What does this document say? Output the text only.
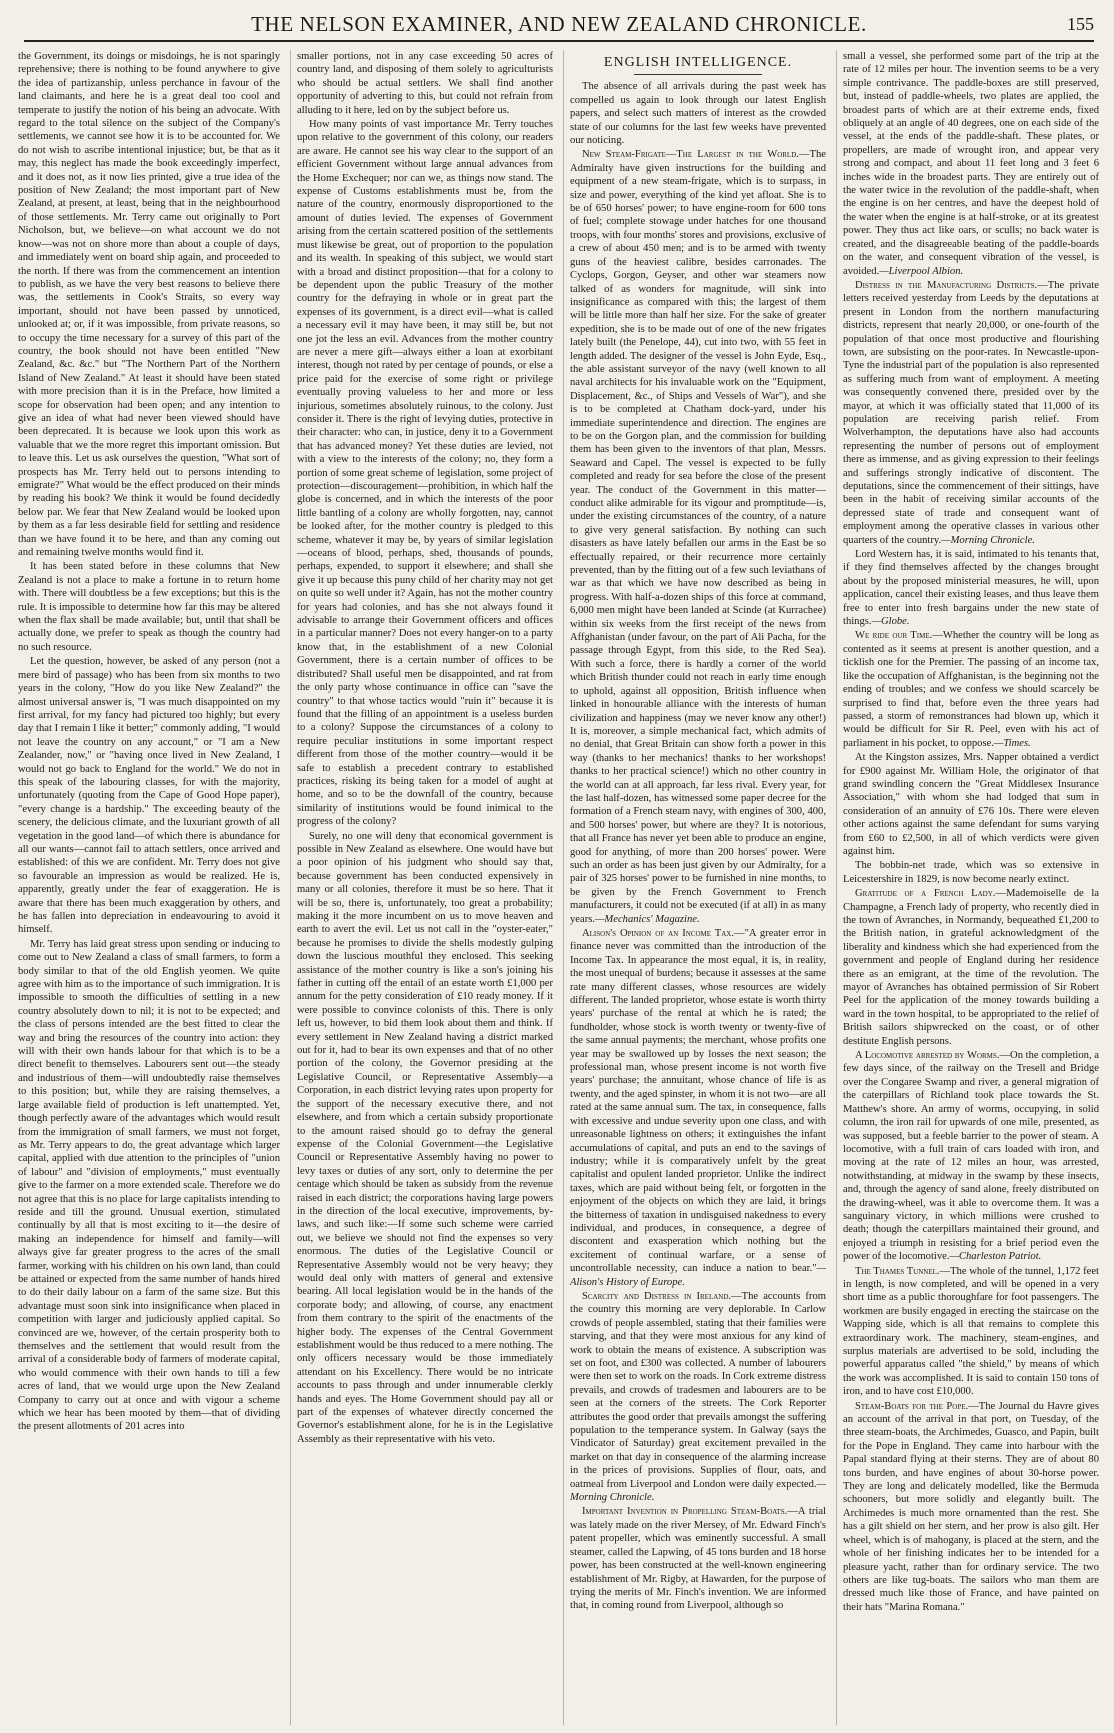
THE NELSON EXAMINER, AND NEW ZEALAND CHRONICLE.	155

the Government, its doings or misdoings, he is not sparingly reprehensive; there is nothing to be found anywhere to give the idea of partizanship, unless perchance in favour of the land claimants, and here he is a great deal too cool and temperate to justify the notion of his being an advocate. With regard to the total silence on the subject of the Company's settlements, we cannot see how it is to be accounted for. We do not wish to ascribe intentional injustice; but, be that as it may, this neglect has made the book exceedingly imperfect, and it does not, as it now lies printed, give a true idea of the position of New Zealand; the most important part of New Zealand, at present, at least, being that in the neighbourhood of those settlements. Mr. Terry came out originally to Port Nicholson, but, we believe—on what account we do not know—was not on shore more than about a couple of days, and immediately went on board ship again, and proceeded to the north. If there was from the commencement an intention to publish, as we have the very best reasons to believe there was, the settlements in Cook's Straits, so every way important, should not have been passed by unnoticed, unlooked at; or, if it was impossible, from private reasons, so to occupy the time necessary for a survey of this part of the country, the book should not have been entitled "New Zealand, &c. &c." but "The Northern Part of the Northern Island of New Zealand." At least it should have been stated with more precision than it is in the Preface, how limited a scope for observation had been open; and any intention to give an idea of what had never been viewed should have been deprecated. It is because we look upon this work as valuable that we the more regret this important omission. But to leave this. Let us ask ourselves the question, "What sort of prospects has Mr. Terry held out to persons intending to emigrate?" What would be the effect produced on their minds by reading his book? We think it would be found decidedly below par. We fear that New Zealand would be looked upon by them as a far less desirable field for settling and residence than we have found it to be here, and than any coming out and remaining twelve months would find it.

It has been stated before in these columns that New Zealand is not a place to make a fortune in to return home with. There will doubtless be a few exceptions; but this is the rule. It is impossible to determine how far this may be altered when the flax shall be made available; but, until that shall be actually done, we prefer to speak as though the country had no such resource.

Let the question, however, be asked of any person (not a mere bird of passage) who has been from six months to two years in the colony, "How do you like New Zealand?" the almost universal answer is, "I was much disappointed on my first arrival, for my fancy had pictured too highly; but every day that I remain I like it better;" commonly adding, "I would not leave the country on any account," or "I am a New Zealander, now," or "having once lived in New Zealand, I would not go back to England for the world." We do not in this speak of the labouring classes, for with the majority, unfortunately (quoting from the Cape of Good Hope paper), "every change is a hardship." The exceeding beauty of the scenery, the delicious climate, and the luxuriant growth of all vegetation in the good land—of which there is abundance for all our wants—cannot fail to attach settlers, once arrived and established: of this we are confident. Mr. Terry does not give so favourable an impression as would be realized. He is, apparently, greatly under the fear of exaggeration. He is aware that there has been much exaggeration by others, and he has fallen into depreciation in endeavouring to avoid it himself.

Mr. Terry has laid great stress upon sending or inducing to come out to New Zealand a class of small farmers, to form a body similar to that of the old English yeomen. We quite agree with him as to the importance of such immigration. It is impossible to smooth the difficulties of settling in a new country absolutely down to nil; it is not to be expected; and the class of persons intended are the best fitted to clear the way and bring the resources of the country into action: they will with their own hands labour for that which is to be a direct benefit to themselves. Labourers sent out—the steady and industrious of them—will undoubtedly raise themselves to this position; but, while they are raising themselves, a large available field of production is left unattempted. Yet, though perfectly aware of the advantages which would result from the immigration of small farmers, we must not forget, as Mr. Terry appears to do, the great advantage which larger capital, applied with due attention to the principles of "union of labour" and "division of employments," must eventually give to the farmer on a more extended scale. Therefore we do not agree that this is no place for large capitalists intending to reside and till the ground. Unusual exertion, stimulated continually by all that is most exciting to it—the desire of making an independence for himself and family—will always give far greater progress to the acres of the small farmer, working with his children on his own land, than could be attained or expected from the same number of hands hired to do their daily labour on a farm of the same size. But this advantage must soon sink into insignificance when placed in competition with larger and judiciously applied capital. So convinced are we, however, of the certain prosperity both to themselves and the settlement that would result from the arrival of a considerable body of farmers of moderate capital, who would commence with their own hands to till a few acres of land, that we would urge upon the New Zealand Company to carry out at once and with vigour a scheme which we hear has been mooted by them—that of dividing the present allotments of 201 acres into

smaller portions, not in any case exceeding 50 acres of country land, and disposing of them solely to agriculturists who should be actual settlers. We shall find another opportunity of adverting to this, but could not refrain from alluding to it here, led on by the subject before us.

How many points of vast importance Mr. Terry touches upon relative to the government of this colony, our readers are aware. He cannot see his way clear to the support of an efficient Government without large annual advances from the Home Exchequer; nor can we, as things now stand. The expense of Customs establishments must be, from the nature of the country, enormously disproportioned to the amount of duties levied. The expenses of Government arising from the certain scattered position of the settlements must likewise be great, out of proportion to the population and its wealth. In speaking of this subject, we would start with a broad and distinct proposition—that for a colony to be dependent upon the public Treasury of the mother country for the defraying in whole or in great part the expenses of its government, is a direct evil—what is called a necessary evil it may have been, it may still be, but not one jot the less an evil. Advances from the mother country are never a mere gift—always either a loan at exorbitant interest, though not rated by per centage of pounds, or else a price paid for the exercise of some right or privilege eventually proving valueless to her and more or less injurious, sometimes absolutely ruinous, to the colony. Just consider it. There is the right of levying duties, protective in their character: who can, in justice, deny it to a Government that has advanced money? Yet these duties are levied, not with a view to the interests of the colony; no, they form a portion of some great scheme of legislation, some project of protection—discouragement—prohibition, in which half the globe is concerned, and in which the interests of the poor little bantling of a colony are wholly forgotten, nay, cannot be looked after, for the mother country is pledged to this scheme, whatever it may be, by years of similar legislation—oceans of blood, perhaps, shed, thousands of pounds, perhaps, expended, to support it elsewhere; and shall she give it up because this puny child of her charity may not get on quite so well under it? Again, has not the mother country for years had colonies, and has she not always found it advisable to arrange their Government officers and offices in a particular manner? Does not every hanger-on to a party know that, in the establishment of a new Colonial Government, there is a certain number of offices to be distributed? Shall useful men be disappointed, and rat from the only party whose continuance in office can "save the country" to that whose tactics would "ruin it" because it is found that the filling of an appointment is a useless burden to a colony? Suppose the circumstances of a colony to require peculiar institutions in some important respect different from those of the mother country—would it be safe to establish a precedent contrary to established practices, risking its being taken for a model of aught at home, and so to be the downfall of the country, because similarity of institutions would be found inimical to the progress of the colony?

Surely, no one will deny that economical government is possible in New Zealand as elsewhere. One would have but a poor opinion of his judgment who should say that, because government has been conducted expensively in many or all colonies, therefore it must be so here. That it will be so, there is, unfortunately, too great a probability; making it the more incumbent on us to move heaven and earth to avert the evil. Let us not call in the "oyster-eater," because he promises to divide the shells modestly gulping down the luscious mouthful they enclosed. This seeking assistance of the mother country is like a son's joining his father in cutting off the entail of an estate worth £1,000 per annum for the petty consideration of £10 ready money. If it were possible to convince colonists of this. There is only left us, however, to bid them look about them and think. If every settlement in New Zealand having a district marked out for it, had to bear its own expenses and that of no other portion of the colony, the Governor presiding at the Legislative Council, or Representative Assembly—a Corporation, in each district levying rates upon property for the support of the necessary executive there, and not elsewhere, and from which a certain subsidy proportionate to the amount raised should go to defray the general expense of the Colonial Government—the Legislative Council or Representative Assembly having no power to levy taxes or duties of any sort, only to determine the per centage which should be taken as subsidy from the revenue raised in each district; the corporations having large powers in the direction of the local executive, improvements, by-laws, and such like:—If some such scheme were carried out, we believe we should not find the expenses so very enormous. The duties of the Legislative Council or Representative Assembly would not be very heavy; they would deal only with matters of general and extensive bearing. All local legislation would be in the hands of the corporate body; and allowing, of course, any enactment from them contrary to the spirit of the enactments of the higher body. The expenses of the Central Government establishment would be thus reduced to a mere nothing. The only officers necessary would be those immediately attendant on his Excellency. There would be no intricate accounts to pass through and under innumerable clerkly hands and eyes. The Home Government should pay all or part of the expenses of whatever directly concerned the Governor's establishment alone, for he is in the Legislative Assembly as their representative with his veto.

ENGLISH INTELLIGENCE.

The absence of all arrivals during the past week has compelled us again to look through our latest English papers, and select such matters of interest as the crowded state of our columns for the last few weeks have prevented our noticing.

New Steam-Frigate—The Largest in the World.—The Admiralty have given instructions for the building and equipment of a new steam-frigate, which is to surpass, in size and power, everything of the kind yet afloat. She is to be of 650 horses' power; to have engine-room for 600 tons of fuel; complete stowage under hatches for one thousand troops, with four months' stores and provisions, exclusive of a crew of about 450 men; and is to be armed with twenty guns of the heaviest calibre, besides carronades. The Cyclops, Gorgon, Geyser, and other war steamers now talked of as wonders for magnitude, will sink into insignificance as compared with this; the largest of them will be little more than half her size. For the sake of greater expedition, she is to be made out of one of the new frigates lately built (the Penelope, 44), cut into two, with 55 feet in length added. The designer of the vessel is John Eyde, Esq., the able assistant surveyor of the navy (well known to all naval architects for his invaluable work on the "Equipment, Displacement, &c., of Ships and Vessels of War"), and she is to be completed at Chatham dock-yard, under his immediate superintendence and direction. The engines are to be on the Gorgon plan, and the commission for building them has been given to the inventors of that plan, Messrs. Seaward and Capel. The vessel is expected to be fully completed and ready for sea before the close of the present year. The conduct of the Government in this matter—conduct alike admirable for its vigour and promptitude—is, under the existing circumstances of the country, of a nature to give very general satisfaction. By nothing can such disasters as have lately befallen our arms in the East be so effectually repaired, or their recurrence more certainly prevented, than by the fitting out of a few such leviathans of war as that which we have now described as being in progress. With half-a-dozen ships of this force at command, 6,000 men might have been landed at Scinde (at Kurrachee) within six weeks from the first receipt of the news from Affghanistan (under favour, on the part of Ali Pacha, for the passage through Egypt, from this side, to the Red Sea). With such a force, there is hardly a corner of the world which British thunder could not reach in early time enough to uphold, against all opposition, British influence when linked in honourable alliance with the interests of human civilization and happiness (may we never know any other!) It is, moreover, a simple mechanical fact, which admits of no denial, that Great Britain can show forth a power in this way (thanks to her mechanics! thanks to her workshops! thanks to her practical science!) which no other country in the world can at all approach, far less rival. Every year, for the last half-dozen, has witnessed some paper decree for the formation of a French steam navy, with engines of 300, 400, and 500 horses' power, but where are they? It is notorious, that all France has never yet been able to produce an engine, good for anything, of more than 200 horses' power. Were such an order as has been just given by our Admiralty, for a pair of 325 horses' power to be furnished in nine months, to be given by the French Government to French manufacturers, it could not be executed (if at all) in as many years.—Mechanics' Magazine.

Alison's Opinion of an Income Tax.—"A greater error in finance never was committed than the introduction of the Income Tax. In appearance the most equal, it is, in reality, the most unequal of burdens; because it assesses at the same rate many different classes, whose resources are widely different. The landed proprietor, whose estate is worth thirty years' purchase of the rental at which he is rated; the fundholder, whose stock is worth twenty or twenty-five of the same annual payments; the merchant, whose profits one year may be swallowed up by losses the next season; the professional man, whose present income is not worth five years' purchase; the annuitant, whose chance of life is as twenty, and the aged spinster, in whom it is not two—are all rated at the same annual sum. The tax, in consequence, falls with excessive and undue severity upon one class, and with unreasonable lightness on others; it extinguishes the infant accumulations of capital, and puts an end to the savings of industry; while it is comparatively unfelt by the great capitalist and opulent landed proprietor. Unlike the indirect taxes, which are paid without being felt, or forgotten in the enjoyment of the objects on which they are laid, it brings the bitterness of taxation in undisguised nakedness to every individual, and produces, in consequence, a degree of discontent and exasperation which nothing but the excitement of continual warfare, or a sense of uncontrollable necessity, can induce a nation to bear."—Alison's History of Europe.

Scarcity and Distress in Ireland.—The accounts from the country this morning are very deplorable. In Carlow crowds of people assembled, stating that their families were starving, and that they were most anxious for any kind of work to obtain the means of existence. A subscription was set on foot, and £300 was collected. A number of labourers were then set to work on the roads. In Cork extreme distress prevails, and crowds of tradesmen and labourers are to be seen at the corners of the streets. The Cork Reporter attributes the good order that prevails amongst the suffering population to the temperance system. In Galway (says the Vindicator of Saturday) great excitement prevailed in the market on that day in consequence of the alarming increase in the prices of provisions. Supplies of flour, oats, and oatmeal from Liverpool and London were daily expected.—Morning Chronicle.

Important Invention in Propelling Steam-Boats.—A trial was lately made on the river Mersey, of Mr. Edward Finch's patent propeller, which was eminently successful. A small steamer, called the Lapwing, of 45 tons burden and 18 horse power, has been constructed at the well-known engineering establishment of Mr. Rigby, at Hawarden, for the purpose of trying the merits of Mr. Finch's invention. We are informed that, in coming round from Liverpool, although so

small a vessel, she performed some part of the trip at the rate of 12 miles per hour. The invention seems to be a very simple contrivance. The paddle-boxes are still preserved, but, instead of paddle-wheels, two plates are applied, the broadest parts of which are at their extreme ends, fixed obliquely at an angle of 40 degrees, one on each side of the vessel, at the ends of the paddle-shaft. These plates, or propellers, are made of wrought iron, and appear very strong and compact, and about 11 feet long and 3 feet 6 inches wide in the broadest parts. They are entirely out of the water twice in the revolution of the paddle-shaft, when the engine is on her centres, and have the deepest hold of the water when the engine is at half-stroke, or at its greatest power. They thus act like oars, or sculls; no back water is created, and the disagreeable beating of the paddle-boards on the water, and consequent vibration of the vessel, is avoided.—Liverpool Albion.

Distress in the Manufacturing Districts.—The private letters received yesterday from Leeds by the deputations at present in London from the northern manufacturing districts, represent that nearly 20,000, or one-fourth of the population of that once most productive and flourishing town, are subsisting on the poor-rates. In Newcastle-upon-Tyne the industrial part of the population is also represented as suffering much from want of employment. A meeting was consequently convened there, presided over by the mayor, at which it was officially stated that 11,000 of its population are receiving parish relief. From Wolverhampton, the deputations have also had accounts representing the number of persons out of employment there as immense, and as giving expression to their feelings and sufferings strongly indicative of discontent. The deputations, since the commencement of their sittings, have been in the habit of receiving similar accounts of the depressed state of trade and consequent want of employment among the operative classes in various other quarters of the country.—Morning Chronicle.

Lord Western has, it is said, intimated to his tenants that, if they find themselves affected by the changes brought about by the proposed ministerial measures, he will, upon application, cancel their existing leases, and thus leave them free to enter into fresh bargains under the new state of things.—Globe.

We ride our Time.—Whether the country will be long as contented as it seems at present is another question, and a ticklish one for the Premier. The passing of an income tax, like the occupation of Affghanistan, is the beginning not the ending of troubles; and we confess we should scarcely be surprised to find that, before even the three years had passed, a storm of remonstrances had blown up, which it would be difficult for Sir R. Peel, even with his act of parliament in his pocket, to oppose.—Times.

At the Kingston assizes, Mrs. Napper obtained a verdict for £900 against Mr. William Hole, the originator of that grand swindling concern the "Great Middlesex Insurance Association," with whom she had lodged that sum in consideration of an annuity of £76 10s. There were eleven other actions against the same defendant for sums varying from £60 to £2,500, in all of which verdicts were given against him.

The bobbin-net trade, which was so extensive in Leicestershire in 1829, is now become nearly extinct.

Gratitude of a French Lady.—Mademoiselle de la Champagne, a French lady of property, who recently died in the town of Avranches, in Normandy, bequeathed £1,200 to the British nation, in grateful acknowledgment of the liberality and kindness which she had experienced from the government and people of England during her residence there as an emigrant, at the time of the revolution. The mayor of Avranches has obtained permission of Sir Robert Peel for the application of the money towards building a ward in the town hospital, to be appropriated to the relief of British sailors shipwrecked on the coast, or of other destitute English persons.

A Locomotive arrested by Worms.—On the completion, a few days since, of the railway on the Tresell and Bridge over the Congaree Swamp and river, a general migration of the caterpillars of Richland took place towards the St. Matthew's shore. An army of worms, occupying, in solid column, the iron rail for upwards of one mile, presented, as was supposed, but a feeble barrier to the power of steam. A locomotive, with a full train of cars loaded with iron, and moving at the rate of 12 miles an hour, was arrested, notwithstanding, at midway in the swamp by these insects, and, through the agency of sand alone, freely distributed on the drawing-wheel, was it able to overcome them. It was a sanguinary victory, in which millions were crushed to death; though the caterpillars maintained their ground, and enjoyed a triumph in resisting for a brief period even the power of the locomotive.—Charleston Patriot.

The Thames Tunnel.—The whole of the tunnel, 1,172 feet in length, is now completed, and will be opened in a very short time as a public thoroughfare for foot passengers. The workmen are busily engaged in erecting the staircase on the Wapping side, which is all that remains to complete this extraordinary work. The machinery, steam-engines, and surplus materials are advertised to be sold, including the powerful apparatus called "the shield," by means of which the work was accomplished. It is said to contain 150 tons of iron, and to have cost £10,000.

Steam-Boats for the Pope.—The Journal du Havre gives an account of the arrival in that port, on Tuesday, of the three steam-boats, the Archimedes, Guasco, and Papin, built for the Pope in England. They came into harbour with the Papal standard flying at their sterns. They are of about 80 tons burden, and have engines of about 30-horse power. They are long and delicately modelled, like the Bermuda schooners, but more solidly and elegantly built. The Archimedes is much more ornamented than the rest. She has a gilt shield on her stern, and her prow is also gilt. Her wheel, which is of mahogany, is placed at the stern, and the whole of her finishing indicates her to be intended for a pleasure yacht, rather than for ordinary service. The two others are like tug-boats. The sailors who man them are dressed much like those of France, and have painted on their hats "Marina Romana."
